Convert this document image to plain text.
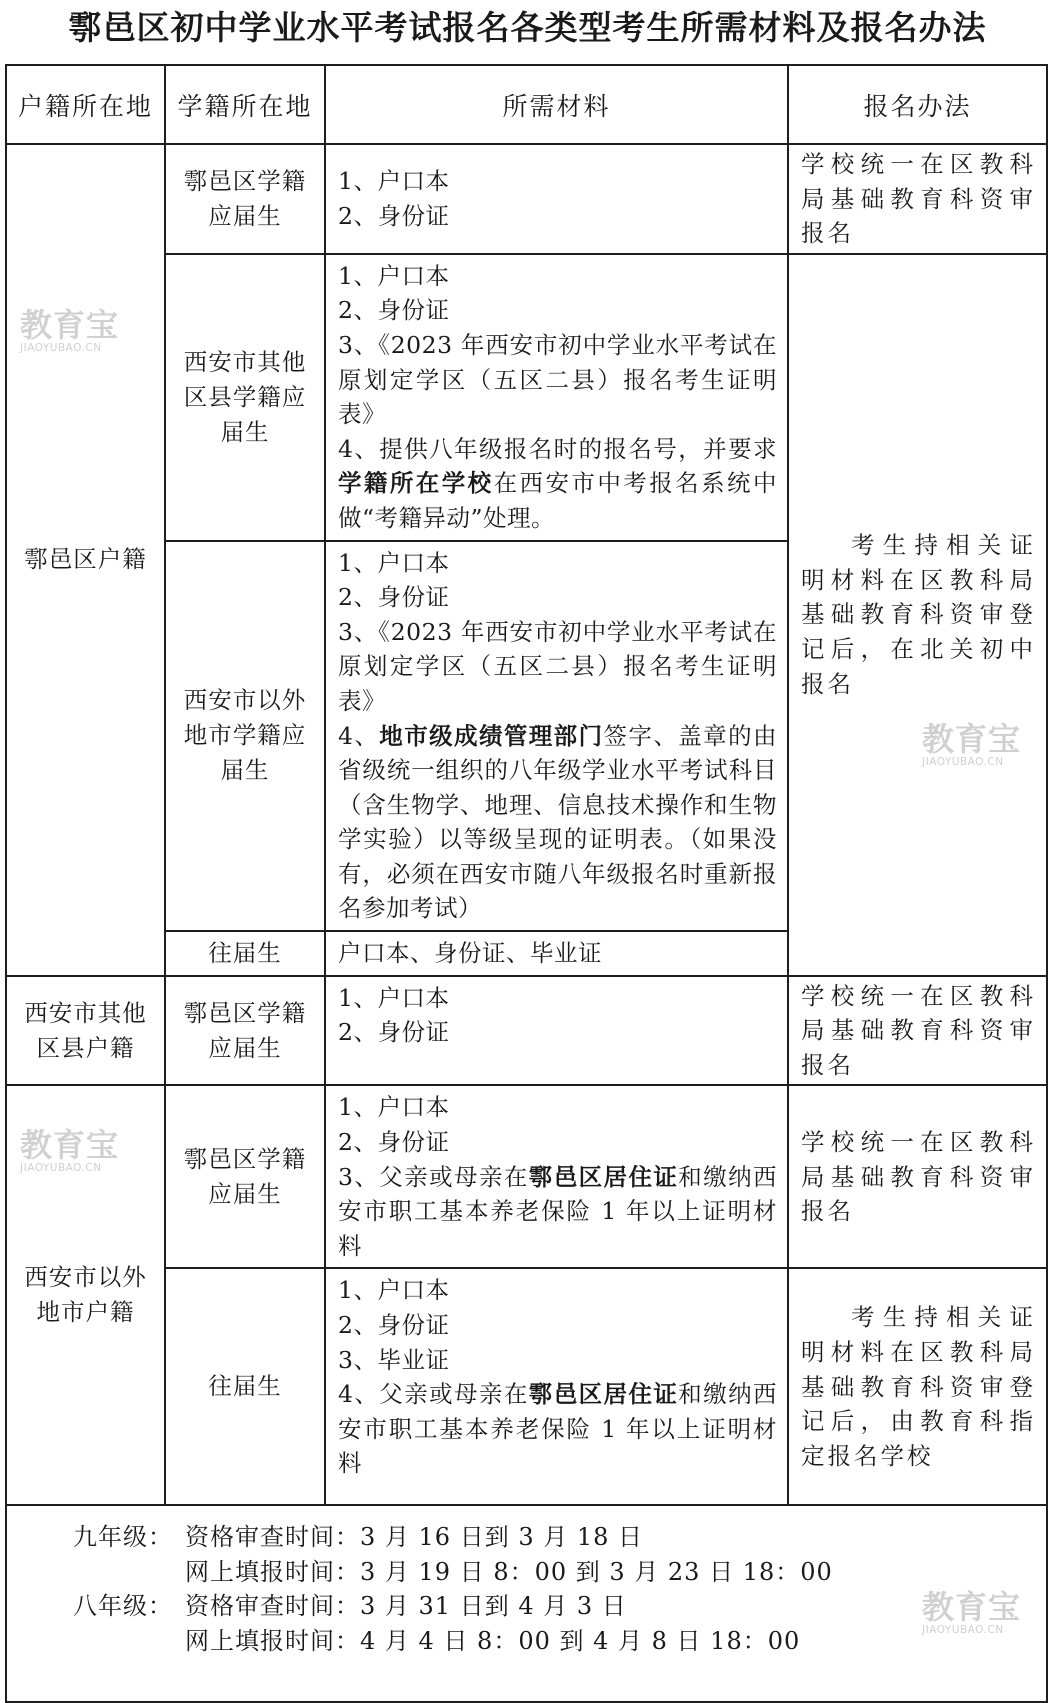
鄠邑区初中学业水平考试报名各类型考生所需材料及报名办法
户籍所在地	学籍所在地	所需材料	报名办法
鄠邑区户籍	鄠邑区学籍应届生	1、户口本
2、身份证	学校统一在区教科局基础教育科资审报名
	西安市其他区县学籍应届生	1、户口本
2、身份证
3、《2023 年西安市初中学业水平考试在原划定学区（五区二县）报名考生证明表》
4、提供八年级报名时的报名号，并要求学籍所在学校在西安市中考报名系统中做“考籍异动”处理。	考生持相关证明材料在区教科局基础教育科资审登记后，在北关初中报名

	西安市以外地市学籍应届生	1、户口本
2、身份证
3、《2023 年西安市初中学业水平考试在原划定学区（五区二县）报名考生证明表》
4、地市级成绩管理部门签字、盖章的由省级统一组织的八年级学业水平考试科目（含生物学、地理、信息技术操作和生物学实验）以等级呈现的证明表。（如果没有，必须在西安市随八年级报名时重新报名参加考试）	

	往届生	户口本、身份证、毕业证	

西安市其他区县户籍	鄠邑区学籍应届生	1、户口本
2、身份证	学校统一在区教科局基础教育科资审报名
西安市以外地市户籍	鄠邑区学籍应届生	1、户口本
2、身份证
3、父亲或母亲在鄠邑区居住证和缴纳西安市职工基本养老保险 1 年以上证明材料	学校统一在区教科局基础教育科资审报名
	往届生	1、户口本
2、身份证
3、毕业证
4、父亲或母亲在鄠邑区居住证和缴纳西安市职工基本养老保险 1 年以上证明材料	考生持相关证明材料在区教科局基础教育科资审登记后，由教育科指定报名学校

九年级： 资格审查时间：3 月 16 日到 3 月 18 日
网上填报时间：3 月 19 日 8：00 到 3 月 23 日 18：00
八年级： 资格审查时间：3 月 31 日到 4 月 3 日
网上填报时间：4 月 4 日 8：00 到 4 月 8 日 18：00			
教育宝
JIAOYUBAO.CN
教育宝
JIAOYUBAO.CN
教育宝
JIAOYUBAO.CN
教育宝
JIAOYUBAO.CN
